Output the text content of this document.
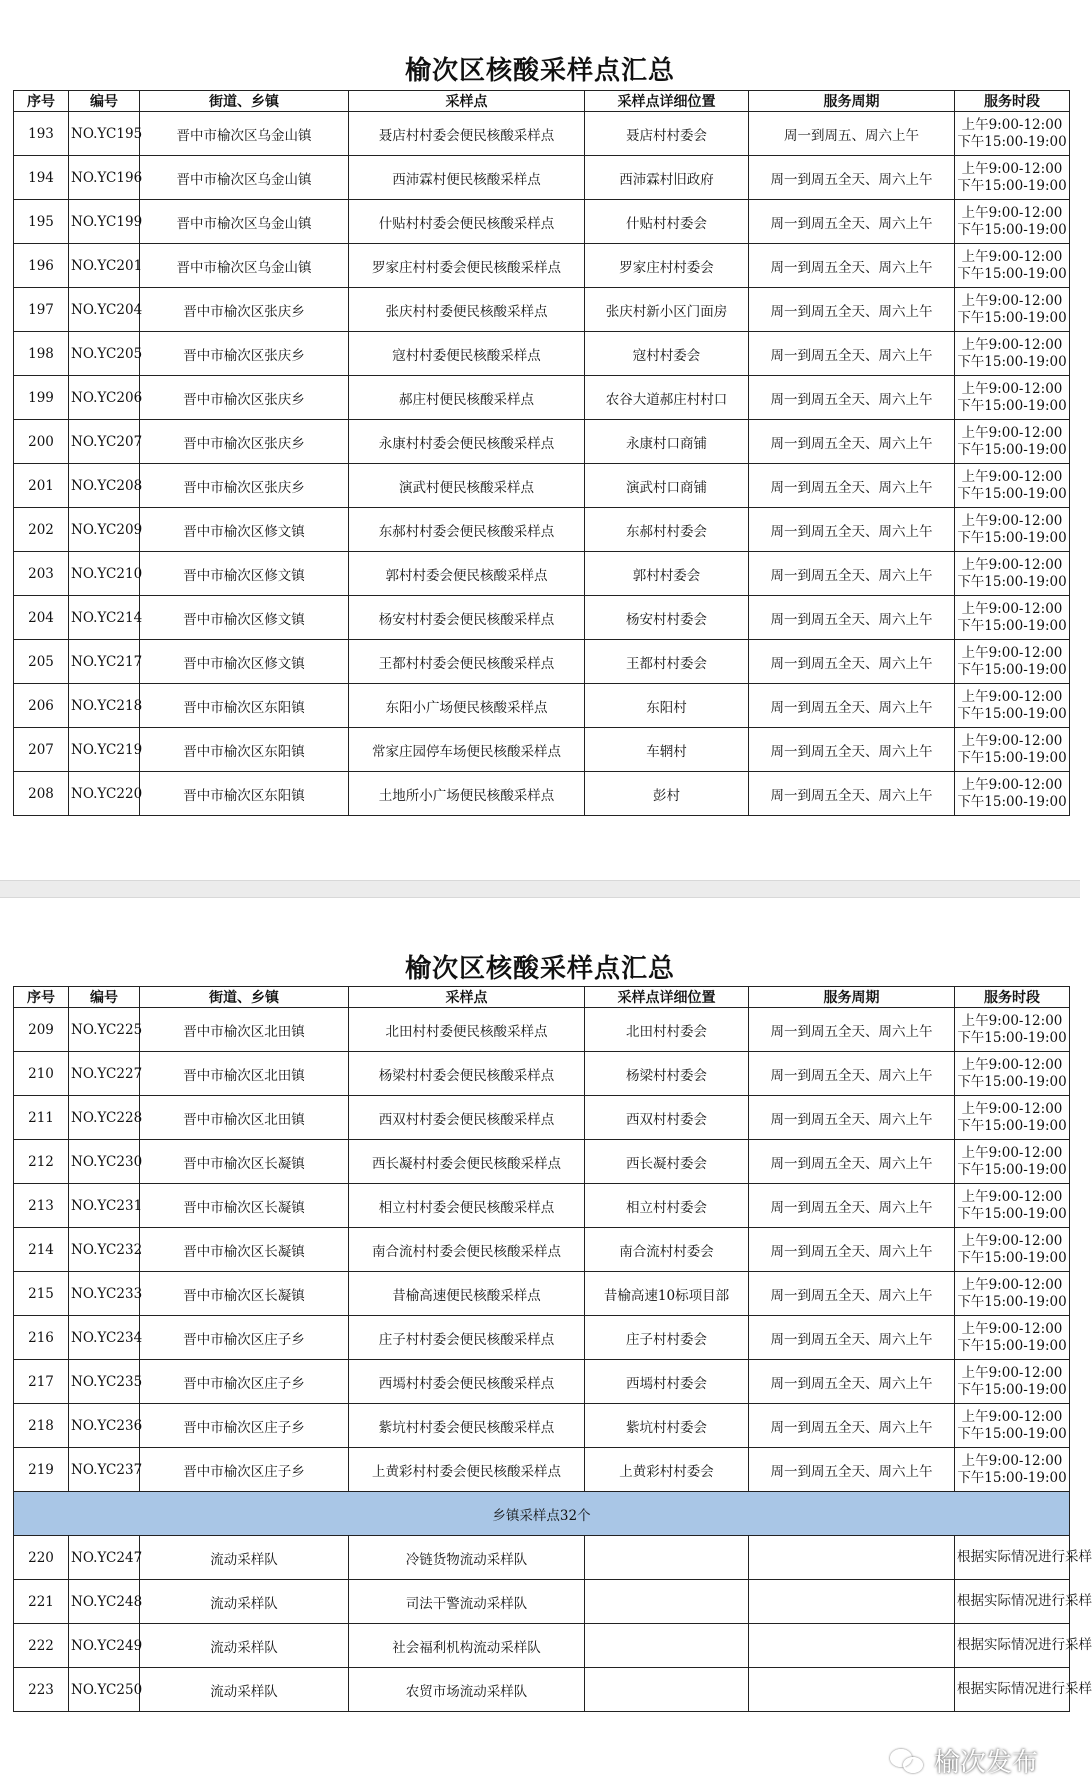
榆次区核酸采样点汇总
序号	编号	街道、乡镇	采样点	采样点详细位置	服务周期	服务时段
193	NO.YC195	晋中市榆次区乌金山镇	聂店村村委会便民核酸采样点	聂店村村委会	周一到周五、周六上午	上午9:00-12:00
下午15:00-19:00

194	NO.YC196	晋中市榆次区乌金山镇	西沛霖村便民核酸采样点	西沛霖村旧政府	周一到周五全天、周六上午	上午9:00-12:00
下午15:00-19:00

195	NO.YC199	晋中市榆次区乌金山镇	什贴村村委会便民核酸采样点	什贴村村委会	周一到周五全天、周六上午	上午9:00-12:00
下午15:00-19:00

196	NO.YC201	晋中市榆次区乌金山镇	罗家庄村村委会便民核酸采样点	罗家庄村村委会	周一到周五全天、周六上午	上午9:00-12:00
下午15:00-19:00

197	NO.YC204	晋中市榆次区张庆乡	张庆村村委便民核酸采样点	张庆村新小区门面房	周一到周五全天、周六上午	上午9:00-12:00
下午15:00-19:00

198	NO.YC205	晋中市榆次区张庆乡	寇村村委便民核酸采样点	寇村村委会	周一到周五全天、周六上午	上午9:00-12:00
下午15:00-19:00

199	NO.YC206	晋中市榆次区张庆乡	郝庄村便民核酸采样点	农谷大道郝庄村村口	周一到周五全天、周六上午	上午9:00-12:00
下午15:00-19:00

200	NO.YC207	晋中市榆次区张庆乡	永康村村委会便民核酸采样点	永康村口商铺	周一到周五全天、周六上午	上午9:00-12:00
下午15:00-19:00

201	NO.YC208	晋中市榆次区张庆乡	演武村便民核酸采样点	演武村口商铺	周一到周五全天、周六上午	上午9:00-12:00
下午15:00-19:00

202	NO.YC209	晋中市榆次区修文镇	东郝村村委会便民核酸采样点	东郝村村委会	周一到周五全天、周六上午	上午9:00-12:00
下午15:00-19:00

203	NO.YC210	晋中市榆次区修文镇	郭村村委会便民核酸采样点	郭村村委会	周一到周五全天、周六上午	上午9:00-12:00
下午15:00-19:00

204	NO.YC214	晋中市榆次区修文镇	杨安村村委会便民核酸采样点	杨安村村委会	周一到周五全天、周六上午	上午9:00-12:00
下午15:00-19:00

205	NO.YC217	晋中市榆次区修文镇	王都村村委会便民核酸采样点	王都村村委会	周一到周五全天、周六上午	上午9:00-12:00
下午15:00-19:00

206	NO.YC218	晋中市榆次区东阳镇	东阳小广场便民核酸采样点	东阳村	周一到周五全天、周六上午	上午9:00-12:00
下午15:00-19:00

207	NO.YC219	晋中市榆次区东阳镇	常家庄园停车场便民核酸采样点	车辋村	周一到周五全天、周六上午	上午9:00-12:00
下午15:00-19:00

208	NO.YC220	晋中市榆次区东阳镇	土地所小广场便民核酸采样点	彭村	周一到周五全天、周六上午	上午9:00-12:00
下午15:00-19:00
榆次区核酸采样点汇总
序号	编号	街道、乡镇	采样点	采样点详细位置	服务周期	服务时段
209	NO.YC225	晋中市榆次区北田镇	北田村村委便民核酸采样点	北田村村委会	周一到周五全天、周六上午	上午9:00-12:00
下午15:00-19:00

210	NO.YC227	晋中市榆次区北田镇	杨梁村村委会便民核酸采样点	杨梁村村委会	周一到周五全天、周六上午	上午9:00-12:00
下午15:00-19:00

211	NO.YC228	晋中市榆次区北田镇	西双村村委会便民核酸采样点	西双村村委会	周一到周五全天、周六上午	上午9:00-12:00
下午15:00-19:00

212	NO.YC230	晋中市榆次区长凝镇	西长凝村村委会便民核酸采样点	西长凝村委会	周一到周五全天、周六上午	上午9:00-12:00
下午15:00-19:00

213	NO.YC231	晋中市榆次区长凝镇	相立村村委会便民核酸采样点	相立村村委会	周一到周五全天、周六上午	上午9:00-12:00
下午15:00-19:00

214	NO.YC232	晋中市榆次区长凝镇	南合流村村委会便民核酸采样点	南合流村村委会	周一到周五全天、周六上午	上午9:00-12:00
下午15:00-19:00

215	NO.YC233	晋中市榆次区长凝镇	昔榆高速便民核酸采样点	昔榆高速10标项目部	周一到周五全天、周六上午	上午9:00-12:00
下午15:00-19:00

216	NO.YC234	晋中市榆次区庄子乡	庄子村村委会便民核酸采样点	庄子村村委会	周一到周五全天、周六上午	上午9:00-12:00
下午15:00-19:00

217	NO.YC235	晋中市榆次区庄子乡	西墕村村委会便民核酸采样点	西墕村村委会	周一到周五全天、周六上午	上午9:00-12:00
下午15:00-19:00

218	NO.YC236	晋中市榆次区庄子乡	紫坑村村委会便民核酸采样点	紫坑村村委会	周一到周五全天、周六上午	上午9:00-12:00
下午15:00-19:00

219	NO.YC237	晋中市榆次区庄子乡	上黄彩村村委会便民核酸采样点	上黄彩村村委会	周一到周五全天、周六上午	上午9:00-12:00
下午15:00-19:00

乡镇采样点32个						
220	NO.YC247	流动采样队	冷链货物流动采样队			根据实际情况进行采样
221	NO.YC248	流动采样队	司法干警流动采样队			根据实际情况进行采样
222	NO.YC249	流动采样队	社会福利机构流动采样队			根据实际情况进行采样
223	NO.YC250	流动采样队	农贸市场流动采样队			根据实际情况进行采样
榆次发布
